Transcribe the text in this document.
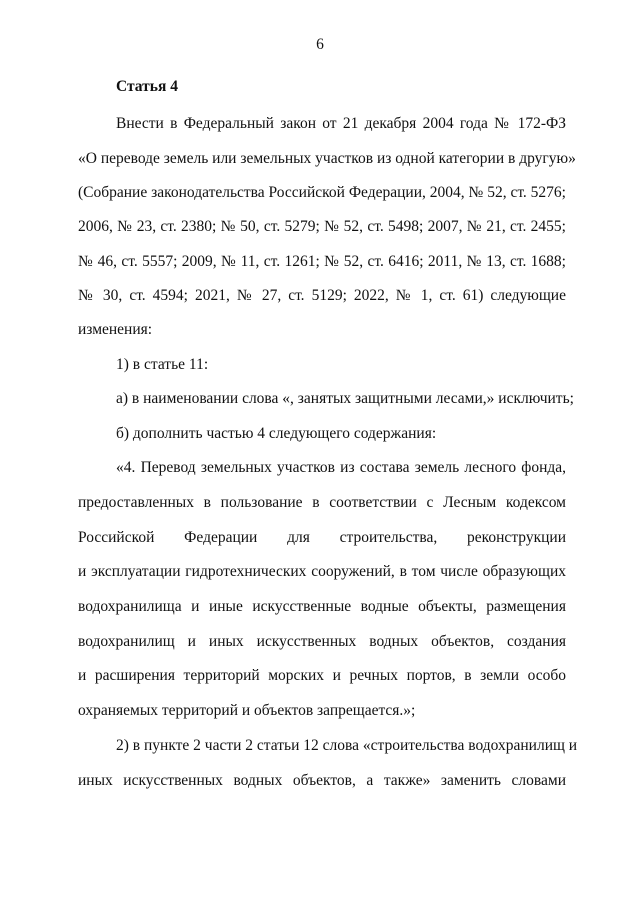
6
Статья 4
Внести в Федеральный закон от 21 декабря 2004 года № 172-ФЗ
«О переводе земель или земельных участков из одной категории в другую»
(Собрание законодательства Российской Федерации, 2004, № 52, ст. 5276;
2006, № 23, ст. 2380; № 50, ст. 5279; № 52, ст. 5498; 2007, № 21, ст. 2455;
№ 46, ст. 5557; 2009, № 11, ст. 1261; № 52, ст. 6416; 2011, № 13, ст. 1688;
№ 30, ст. 4594; 2021, № 27, ст. 5129; 2022, № 1, ст. 61) следующие
изменения:
1) в статье 11:
а) в наименовании слова «, занятых защитными лесами,» исключить;
б) дополнить частью 4 следующего содержания:
«4. Перевод земельных участков из состава земель лесного фонда,
предоставленных в пользование в соответствии с Лесным кодексом
Российской Федерации для строительства, реконструкции
и эксплуатации гидротехнических сооружений, в том числе образующих
водохранилища и иные искусственные водные объекты, размещения
водохранилищ и иных искусственных водных объектов, создания
и расширения территорий морских и речных портов, в земли особо
охраняемых территорий и объектов запрещается.»;
2) в пункте 2 части 2 статьи 12 слова «строительства водохранилищ и
иных искусственных водных объектов, а также» заменить словами
